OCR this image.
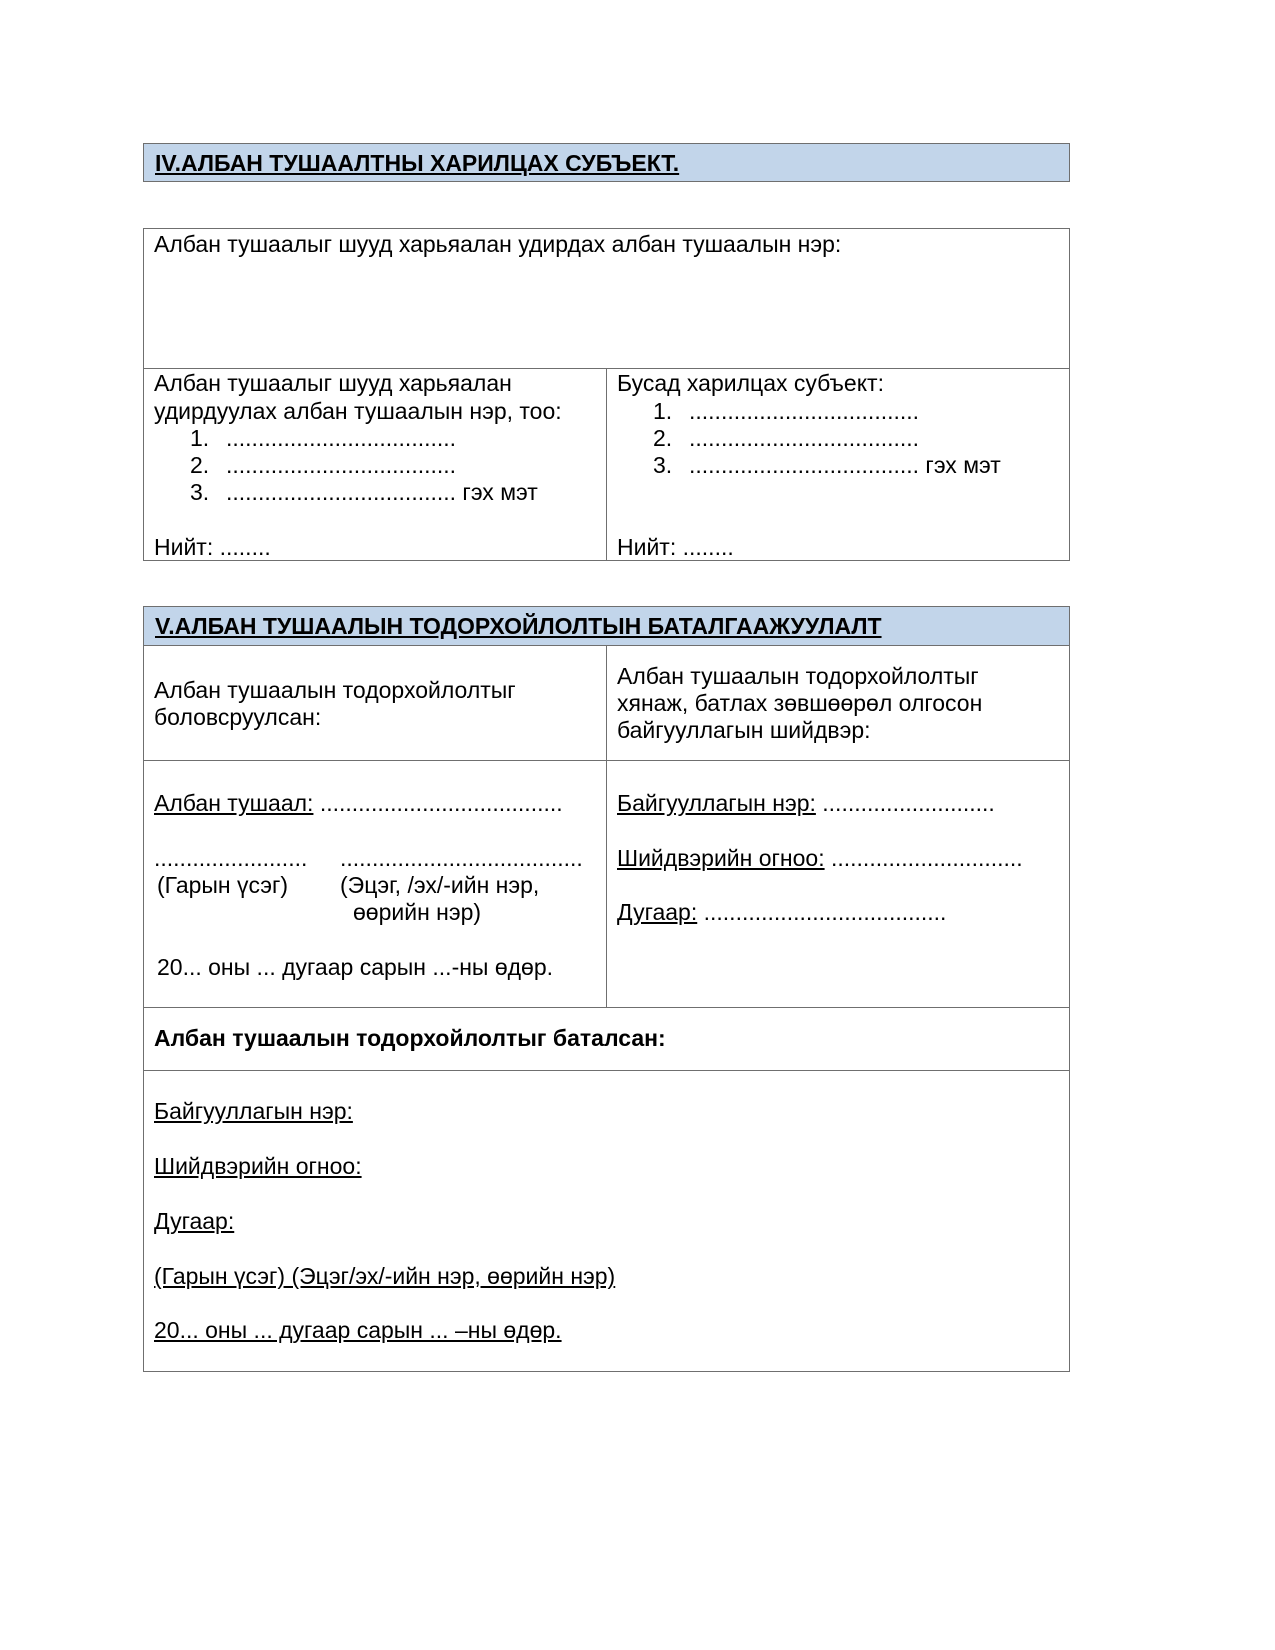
IV.АЛБАН ТУШААЛТНЫ ХАРИЛЦАХ СУБЪЕКТ.
Албан тушаалыг шууд харьяалан удирдах албан тушаалын нэр:
Албан тушаалыг шууд харьяалан
удирдуулах албан тушаалын нэр, тоо:
1. ....................................
2. ....................................
3. .................................... гэх мэт
Нийт: ........
Бусад харилцах субъект:
1. ....................................
2. ....................................
3. .................................... гэх мэт
Нийт: ........
V.АЛБАН ТУШААЛЫН ТОДОРХОЙЛОЛТЫН БАТАЛГААЖУУЛАЛТ
Албан тушаалын тодорхойлолтыг
боловсруулсан:
Албан тушаалын тодорхойлолтыг
хянаж, батлах зөвшөөрөл олгосон
байгууллагын шийдвэр:
Албан тушаал: ......................................
........................ ......................................
(Гарын үсэг) (Эцэг, /эх/-ийн нэр,
өөрийн нэр)
20... оны ... дугаар сарын ...-ны өдөр.
Байгууллагын нэр: ...........................
Шийдвэрийн огноо: ..............................
Дугаар: ......................................
Албан тушаалын тодорхойлолтыг баталсан:
Байгууллагын нэр:
Шийдвэрийн огноо:
Дугаар:
(Гарын үсэг) (Эцэг/эх/-ийн нэр, өөрийн нэр)
20... оны ... дугаар сарын ... –ны өдөр.
